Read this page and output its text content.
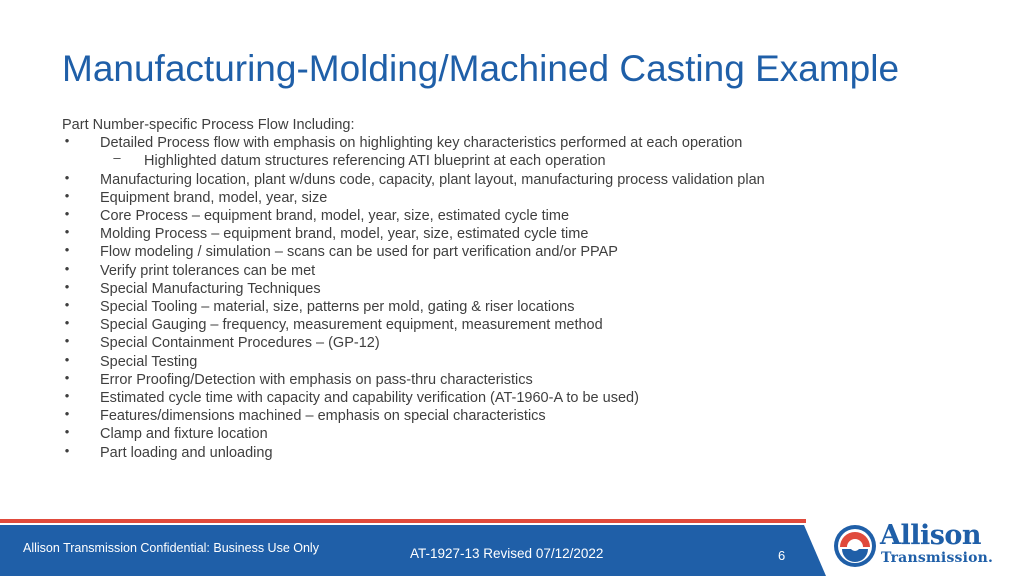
Manufacturing-Molding/Machined Casting Example

Part Number-specific Process Flow Including:

• Detailed Process flow with emphasis on highlighting key characteristics performed at each operation
– Highlighted datum structures referencing ATI blueprint at each operation
• Manufacturing location, plant w/duns code, capacity, plant layout, manufacturing process validation plan
• Equipment brand, model, year, size
• Core Process – equipment brand, model, year, size, estimated cycle time
• Molding Process – equipment brand, model, year, size, estimated cycle time
• Flow modeling / simulation – scans can be used for part verification and/or PPAP
• Verify print tolerances can be met
• Special Manufacturing Techniques
• Special Tooling – material, size, patterns per mold, gating & riser locations
• Special Gauging – frequency, measurement equipment, measurement method
• Special Containment Procedures – (GP-12)
• Special Testing
• Error Proofing/Detection with emphasis on pass-thru characteristics
• Estimated cycle time with capacity and capability verification (AT-1960-A to be used)
• Features/dimensions machined – emphasis on special characteristics
• Clamp and fixture location
• Part loading and unloading
Allison Transmission Confidential: Business Use Only	AT-1927-13 Revised 07/12/2022	6
Allison
Transmission.
